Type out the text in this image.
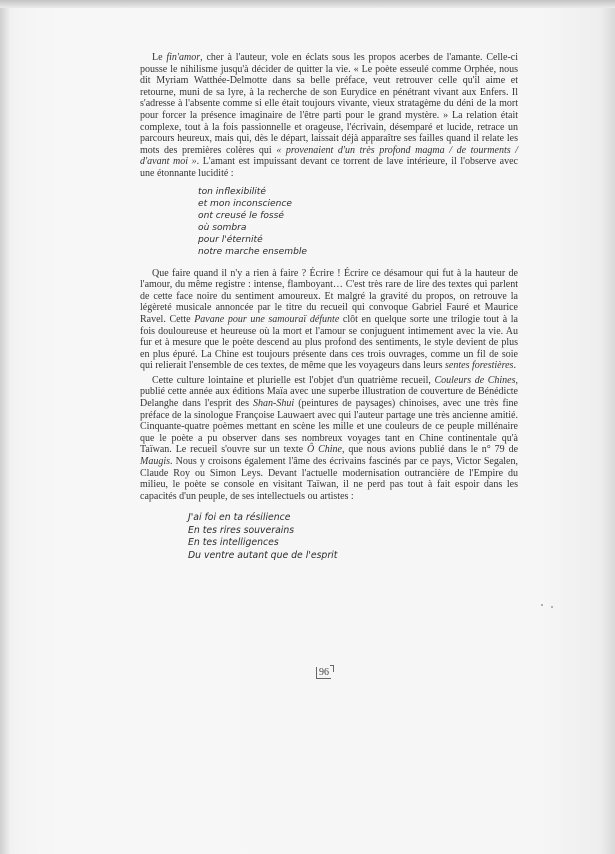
Le fin'amor, cher à l'auteur, vole en éclats sous les propos acerbes de l'amante. Celle-ci pousse le nihilisme jusqu'à décider de quitter la vie. « Le poète esseulé comme Orphée, nous dit Myriam Watthée-Delmotte dans sa belle préface, veut retrouver celle qu'il aime et retourne, muni de sa lyre, à la recherche de son Eurydice en pénétrant vivant aux Enfers. Il s'adresse à l'absente comme si elle était toujours vivante, vieux stratagème du déni de la mort pour forcer la présence imaginaire de l'être parti pour le grand mystère. » La relation était complexe, tout à la fois passionnelle et orageuse, l'écrivain, désemparé et lucide, retrace un parcours heureux, mais qui, dès le départ, laissait déjà apparaître ses failles quand il relate les mots des premières colères qui « provenaient d'un très profond magma / de tourments / d'avant moi ». L'amant est impuissant devant ce torrent de lave intérieure, il l'observe avec une étonnante lucidité :

ton inflexibilité
et mon inconscience
ont creusé le fossé
où sombra
pour l'éternité
notre marche ensemble

Que faire quand il n'y a rien à faire ? Écrire ! Écrire ce désamour qui fut à la hauteur de l'amour, du même registre : intense, flamboyant… C'est très rare de lire des textes qui parlent de cette face noire du sentiment amoureux. Et malgré la gravité du propos, on retrouve la légèreté musicale annoncée par le titre du recueil qui convoque Gabriel Fauré et Maurice Ravel. Cette Pavane pour une samouraï défunte clôt en quelque sorte une trilogie tout à la fois douloureuse et heureuse où la mort et l'amour se conjuguent intimement avec la vie. Au fur et à mesure que le poète descend au plus profond des sentiments, le style devient de plus en plus épuré. La Chine est toujours présente dans ces trois ouvrages, comme un fil de soie qui relierait l'ensemble de ces textes, de même que les voyageurs dans leurs sentes forestières.

Cette culture lointaine et plurielle est l'objet d'un quatrième recueil, Couleurs de Chines, publié cette année aux éditions Maïa avec une superbe illustration de couverture de Bénédicte Delanghe dans l'esprit des Shan-Shui (peintures de paysages) chinoises, avec une très fine préface de la sinologue Françoise Lauwaert avec qui l'auteur partage une très ancienne amitié. Cinquante-quatre poèmes mettant en scène les mille et une couleurs de ce peuple millénaire que le poète a pu observer dans ses nombreux voyages tant en Chine continentale qu'à Taïwan. Le recueil s'ouvre sur un texte Ô Chine, que nous avions publié dans le n° 79 de Maugis. Nous y croisons également l'âme des écrivains fascinés par ce pays, Victor Segalen, Claude Roy ou Simon Leys. Devant l'actuelle modernisation outrancière de l'Empire du milieu, le poète se console en visitant Taïwan, il ne perd pas tout à fait espoir dans les capacités d'un peuple, de ses intellectuels ou artistes :

J'ai foi en ta résilience
En tes rires souverains
En tes intelligences
Du ventre autant que de l'esprit
96
